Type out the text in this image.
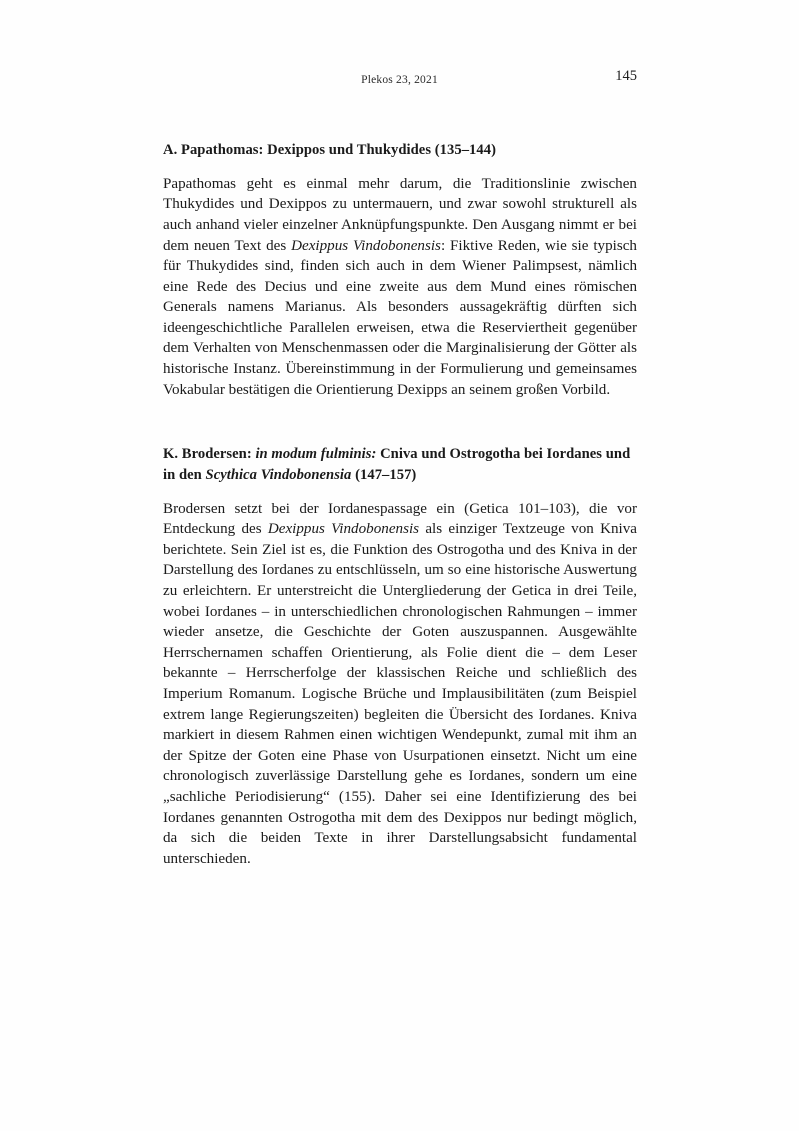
Plekos 23, 2021	145
A. Papathomas: Dexippos und Thukydides (135–144)

Papathomas geht es einmal mehr darum, die Traditionslinie zwischen Thukydides und Dexippos zu untermauern, und zwar sowohl strukturell als auch anhand vieler einzelner Anknüpfungspunkte. Den Ausgang nimmt er bei dem neuen Text des Dexippus Vindobonensis: Fiktive Reden, wie sie typisch für Thukydides sind, finden sich auch in dem Wiener Palimpsest, nämlich eine Rede des Decius und eine zweite aus dem Mund eines römischen Generals namens Marianus. Als besonders aussagekräftig dürften sich ideengeschichtliche Parallelen erweisen, etwa die Reserviertheit gegenüber dem Verhalten von Menschenmassen oder die Marginalisierung der Götter als historische Instanz. Übereinstimmung in der Formulierung und gemeinsames Vokabular bestätigen die Orientierung Dexipps an seinem großen Vorbild.

K. Brodersen: in modum fulminis: Cniva und Ostrogotha bei Iordanes und in den Scythica Vindobonensia (147–157)

Brodersen setzt bei der Iordanespassage ein (Getica 101–103), die vor Entdeckung des Dexippus Vindobonensis als einziger Textzeuge von Kniva berichtete. Sein Ziel ist es, die Funktion des Ostrogotha und des Kniva in der Darstellung des Iordanes zu entschlüsseln, um so eine historische Auswertung zu erleichtern. Er unterstreicht die Untergliederung der Getica in drei Teile, wobei Iordanes – in unterschiedlichen chronologischen Rahmungen – immer wieder ansetze, die Geschichte der Goten auszuspannen. Ausgewählte Herrschernamen schaffen Orientierung, als Folie dient die – dem Leser bekannte – Herrscherfolge der klassischen Reiche und schließlich des Imperium Romanum. Logische Brüche und Implausibilitäten (zum Beispiel extrem lange Regierungszeiten) begleiten die Übersicht des Iordanes. Kniva markiert in diesem Rahmen einen wichtigen Wendepunkt, zumal mit ihm an der Spitze der Goten eine Phase von Usurpationen einsetzt. Nicht um eine chronologisch zuverlässige Darstellung gehe es Iordanes, sondern um eine „sachliche Periodisierung“ (155). Daher sei eine Identifizierung des bei Iordanes genannten Ostrogotha mit dem des Dexippos nur bedingt möglich, da sich die beiden Texte in ihrer Darstellungsabsicht fundamental unterschieden.
